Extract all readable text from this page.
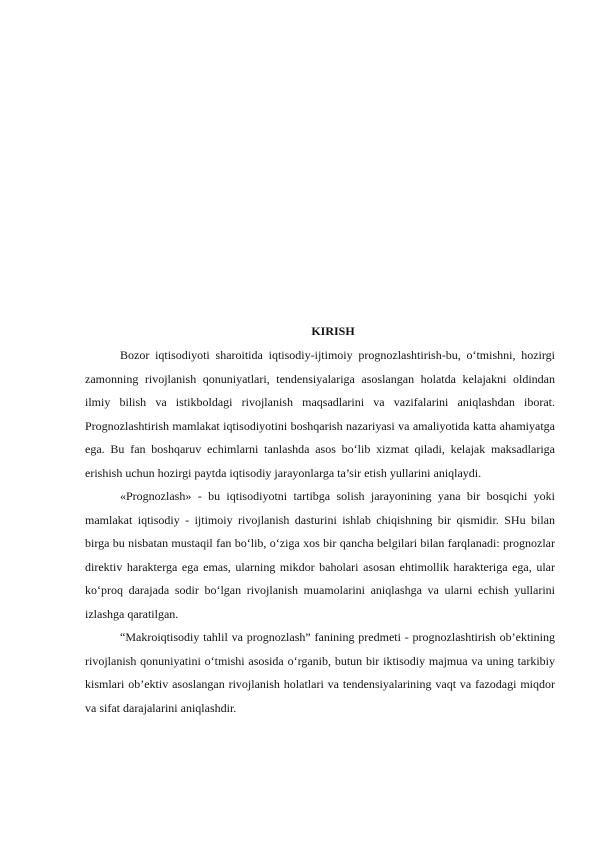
KIRISH

Bozor iqtisodiyoti sharoitida iqtisodiy-ijtimoiy prognozlashtirish-bu, o‘tmishni, hozirgi zamonning rivojlanish qonuniyatlari, tendensiyalariga asoslangan holatda kelajakni oldindan ilmiy bilish va istikboldagi rivojlanish maqsadlarini va vazifalarini aniqlashdan iborat. Prognozlashtirish mamlakat iqtisodiyotini boshqarish nazariyasi va amaliyotida katta ahamiyatga ega. Bu fan boshqaruv echimlarni tanlashda asos bo‘lib xizmat qiladi, kelajak maksadlariga erishish uchun hozirgi paytda iqtisodiy jarayonlarga ta’sir etish yullarini aniqlaydi.

«Prognozlash» - bu iqtisodiyotni tartibga solish jarayonining yana bir bosqichi yoki mamlakat iqtisodiy - ijtimoiy rivojlanish dasturini ishlab chiqishning bir qismidir. SHu bilan birga bu nisbatan mustaqil fan bo‘lib, o‘ziga xos bir qancha belgilari bilan farqlanadi: prognozlar direktiv harakterga ega emas, ularning mikdor baholari asosan ehtimollik harakteriga ega, ular ko‘proq darajada sodir bo‘lgan rivojlanish muamolarini aniqlashga va ularni echish yullarini izlashga qaratilgan.

“Makroiqtisodiy tahlil va prognozlash” fanining predmeti - prognozlashtirish ob’ektining rivojlanish qonuniyatini o‘tmishi asosida o‘rganib, butun bir iktisodiy majmua va uning tarkibiy kismlari ob’ektiv asoslangan rivojlanish holatlari va tendensiyalarining vaqt va fazodagi miqdor va sifat darajalarini aniqlashdir.
